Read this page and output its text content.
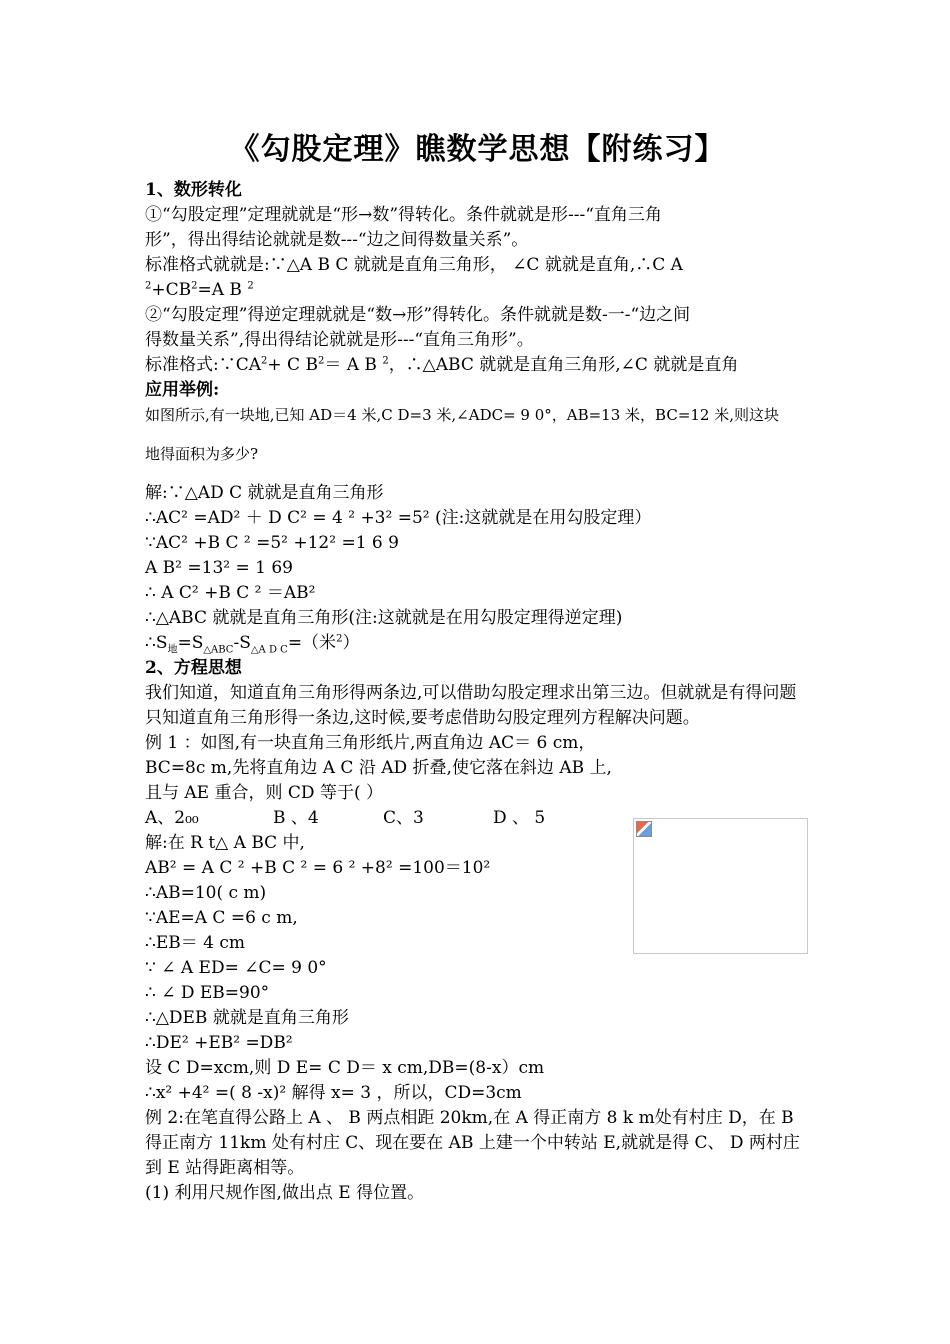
《勾股定理》瞧数学思想【附练习】
1、数形转化
①“勾股定理”定理就就是“形→数”得转化。条件就就是形---“直角三角
形”，得出得结论就就是数---“边之间得数量关系”。
标准格式就就是:∵△A B C 就就是直角三角形， ∠C 就就是直角,∴C A
$^2+CB^2=A$ B $^2$
②“勾股定理”得逆定理就就是“数→形”得转化。条件就就是数-一-“边之间
得数量关系”,得出得结论就就是形---“直角三角形”。
标准格式$:\because CA^2+ C$ $B^2= A$ B $^2$，∴△ABC 就就是直角三角形,∠C 就就是直角
应用举例:
如图所示,有一块地,已知 AD＝4 米,C D=3 米,∠ADC= 9 0°，AB=13 米，BC=12 米,则这块
地得面积为多少?
解:∵△AD C 就就是直角三角形
∴AC² =AD² ＋ D C² = 4 ² +3² =5² (注:这就就是在用勾股定理）
∵AC² +B C ² =5² +12² =1 6 9
A B² =13² = 1 69
∴ A C² +B C ² ＝AB²
∴△ABC 就就是直角三角形(注:这就就是在用勾股定理得逆定理)
$\therefore S_地=S_{\triangle ABC}-S_{\triangle A D C}=$（米$^2$）
2、方程思想
我们知道，知道直角三角形得两条边,可以借助勾股定理求出第三边。但就就是有得问题只知道直角三角形得一条边,这时候,要考虑借助勾股定理列方程解决问题。
例 1 ：如图,有一块直角三角形纸片,两直角边 AC＝ 6 cm，
BC=8c m,先将直角边 A C 沿 AD 折叠,使它落在斜边 AB 上,
且与 AE 重合，则 CD 等于( ）
A、2₀₀	B 、4	C、3	D 、 5
解:在 R t△ A BC 中,
AB² = A C ² +B C ² = 6 ² +8² =100＝10²
∴AB=10( c m)
∵AE=A C =6 c m,
∴EB＝ 4 cm
∵ ∠ A ED= ∠C= 9 0°
∴ ∠ D EB=90°
∴△DEB 就就是直角三角形
∴DE² +EB² =DB²
设 C D=xcm,则 D E= C D＝ x cm,DB=(8-x）cm
∴x² +4² =( 8 -x)² 解得 x= 3 ，所以，CD=3cm
例 2:在笔直得公路上 A 、 B 两点相距 20km,在 A 得正南方 8 k m处有村庄 D，在 B 得正南方 11km 处有村庄 C、现在要在 AB 上建一个中转站 E,就就是得 C、 D 两村庄到 E 站得距离相等。
(1) 利用尺规作图,做出点 E 得位置。
